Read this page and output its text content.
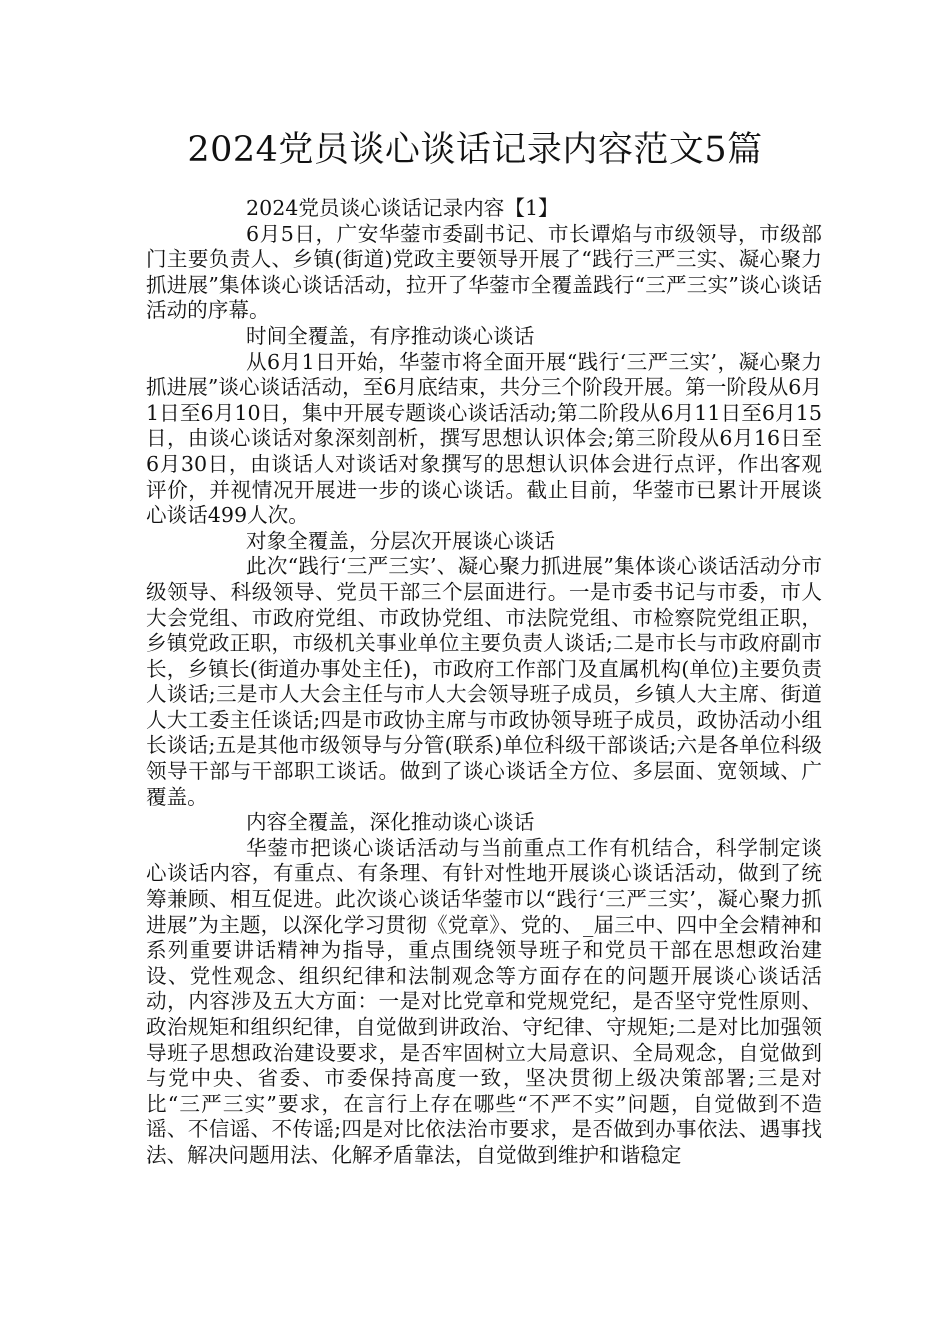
2024党员谈心谈话记录内容范文5篇

2024党员谈心谈话记录内容【1】

6月5日，广安华蓥市委副书记、市长谭焰与市级领导，市级部门主要负责人、乡镇(街道)党政主要领导开展了“践行三严三实、凝心聚力抓进展”集体谈心谈话活动，拉开了华蓥市全覆盖践行“三严三实”谈心谈话活动的序幕。

时间全覆盖，有序推动谈心谈话

从6月1日开始，华蓥市将全面开展“践行‘三严三实’，凝心聚力抓进展”谈心谈话活动，至6月底结束，共分三个阶段开展。第一阶段从6月1日至6月10日，集中开展专题谈心谈话活动;第二阶段从6月11日至6月15日，由谈心谈话对象深刻剖析，撰写思想认识体会;第三阶段从6月16日至6月30日，由谈话人对谈话对象撰写的思想认识体会进行点评，作出客观评价，并视情况开展进一步的谈心谈话。截止目前，华蓥市已累计开展谈心谈话499人次。

对象全覆盖，分层次开展谈心谈话

此次“践行‘三严三实’、凝心聚力抓进展”集体谈心谈话活动分市级领导、科级领导、党员干部三个层面进行。一是市委书记与市委，市人大会党组、市政府党组、市政协党组、市法院党组、市检察院党组正职，乡镇党政正职，市级机关事业单位主要负责人谈话;二是市长与市政府副市长，乡镇长(街道办事处主任)，市政府工作部门及直属机构(单位)主要负责人谈话;三是市人大会主任与市人大会领导班子成员，乡镇人大主席、街道人大工委主任谈话;四是市政协主席与市政协领导班子成员，政协活动小组长谈话;五是其他市级领导与分管(联系)单位科级干部谈话;六是各单位科级领导干部与干部职工谈话。做到了谈心谈话全方位、多层面、宽领域、广覆盖。

内容全覆盖，深化推动谈心谈话

华蓥市把谈心谈话活动与当前重点工作有机结合，科学制定谈心谈话内容，有重点、有条理、有针对性地开展谈心谈话活动，做到了统筹兼顾、相互促进。此次谈心谈话华蓥市以“践行‘三严三实’，凝心聚力抓进展”为主题，以深化学习贯彻《党章》、党的、_届三中、四中全会精神和系列重要讲话精神为指导，重点围绕领导班子和党员干部在思想政治建设、党性观念、组织纪律和法制观念等方面存在的问题开展谈心谈话活动，内容涉及五大方面：一是对比党章和党规党纪，是否坚守党性原则、政治规矩和组织纪律，自觉做到讲政治、守纪律、守规矩;二是对比加强领导班子思想政治建设要求，是否牢固树立大局意识、全局观念，自觉做到与党中央、省委、市委保持高度一致，坚决贯彻上级决策部署;三是对比“三严三实”要求，在言行上存在哪些“不严不实”问题，自觉做到不造谣、不信谣、不传谣;四是对比依法治市要求，是否做到办事依法、遇事找法、解决问题用法、化解矛盾靠法，自觉做到维护和谐稳定
